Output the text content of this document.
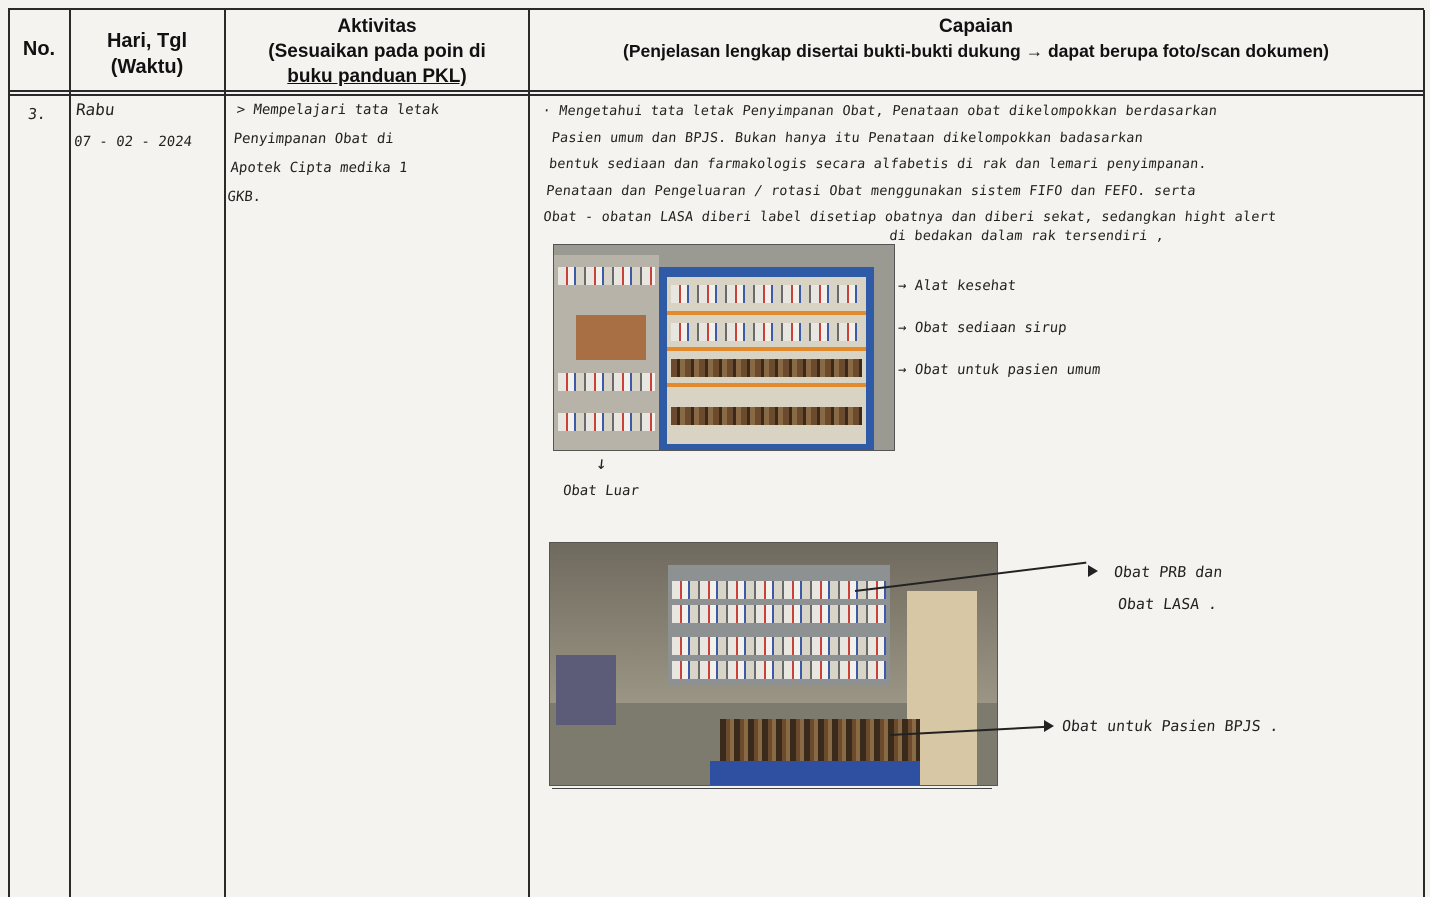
No.	Hari, Tgl
(Waktu)
Aktivitas
(Sesuaikan pada poin di
buku panduan PKL)
Capaian
(Penjelasan lengkap disertai bukti-bukti dukung → dapat berupa foto/scan dokumen)
3. Rabu
07 - 02 - 2024
> Mempelajari tata letak
Penyimpanan Obat di
Apotek Cipta medika 1
GKB.
· Mengetahui tata letak Penyimpanan Obat, Penataan obat dikelompokkan berdasarkan
Pasien umum dan BPJS. Bukan hanya itu Penataan dikelompokkan badasarkan
bentuk sediaan dan farmakologis secara alfabetis di rak dan lemari penyimpanan.
Penataan dan Pengeluaran / rotasi Obat menggunakan sistem FIFO dan FEFO. serta
Obat - obatan LASA diberi label disetiap obatnya dan diberi sekat, sedangkan hight alert
di bedakan dalam rak tersendiri ,
→ Alat kesehat
→ Obat sediaan sirup
→ Obat untuk pasien umum
↓
Obat Luar
Obat PRB dan
Obat LASA .
Obat untuk Pasien BPJS .
